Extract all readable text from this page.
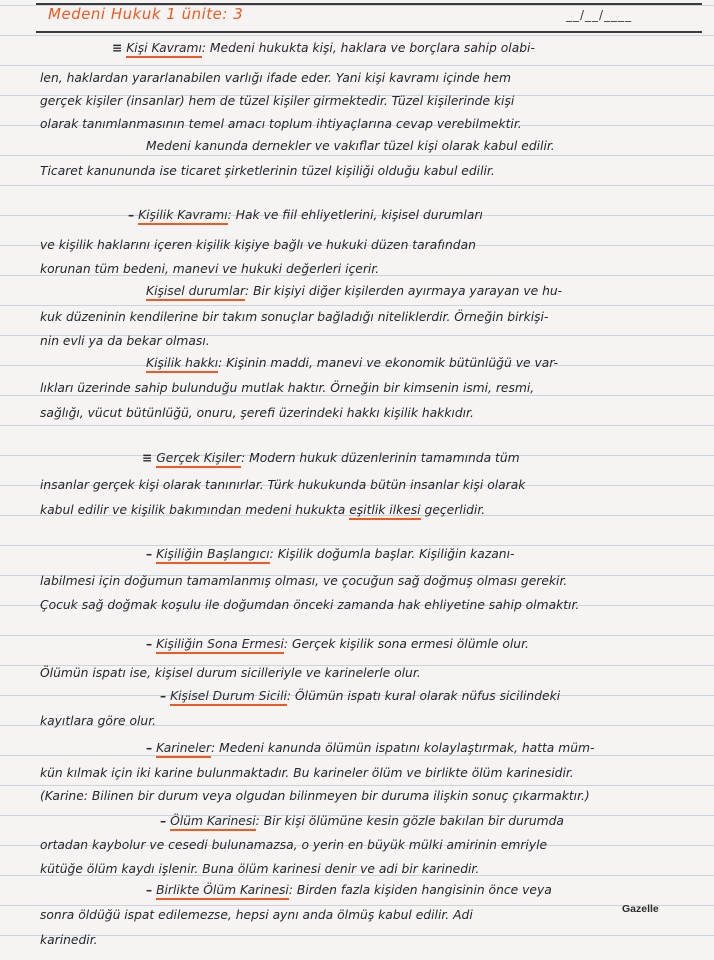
Medeni Hukuk 1 ünite: 3	__/__/____
≡ Kişi Kavramı: Medeni hukukta kişi, haklara ve borçlara sahip olabi-
len, haklardan yararlanabilen varlığı ifade eder. Yani kişi kavramı içinde hem
gerçek kişiler (insanlar) hem de tüzel kişiler girmektedir. Tüzel kişilerinde kişi
olarak tanımlanmasının temel amacı toplum ihtiyaçlarına cevap verebilmektir.
Medeni kanunda dernekler ve vakıflar tüzel kişi olarak kabul edilir.
Ticaret kanununda ise ticaret şirketlerinin tüzel kişiliği olduğu kabul edilir.
– Kişilik Kavramı: Hak ve fiil ehliyetlerini, kişisel durumları
ve kişilik haklarını içeren kişilik kişiye bağlı ve hukuki düzen tarafından
korunan tüm bedeni, manevi ve hukuki değerleri içerir.
Kişisel durumlar: Bir kişiyi diğer kişilerden ayırmaya yarayan ve hu-
kuk düzeninin kendilerine bir takım sonuçlar bağladığı niteliklerdir. Örneğin birkişi-
nin evli ya da bekar olması.
Kişilik hakkı: Kişinin maddi, manevi ve ekonomik bütünlüğü ve var-
lıkları üzerinde sahip bulunduğu mutlak haktır. Örneğin bir kimsenin ismi, resmi,
sağlığı, vücut bütünlüğü, onuru, şerefi üzerindeki hakkı kişilik hakkıdır.
≡ Gerçek Kişiler: Modern hukuk düzenlerinin tamamında tüm
insanlar gerçek kişi olarak tanınırlar. Türk hukukunda bütün insanlar kişi olarak
kabul edilir ve kişilik bakımından medeni hukukta eşitlik ilkesi geçerlidir.
– Kişiliğin Başlangıcı: Kişilik doğumla başlar. Kişiliğin kazanı-
labilmesi için doğumun tamamlanmış olması, ve çocuğun sağ doğmuş olması gerekir.
Çocuk sağ doğmak koşulu ile doğumdan önceki zamanda hak ehliyetine sahip olmaktır.
– Kişiliğin Sona Ermesi: Gerçek kişilik sona ermesi ölümle olur.
Ölümün ispatı ise, kişisel durum sicilleriyle ve karinelerle olur.
– Kişisel Durum Sicili: Ölümün ispatı kural olarak nüfus sicilindeki
kayıtlara göre olur.
– Karineler: Medeni kanunda ölümün ispatını kolaylaştırmak, hatta müm-
kün kılmak için iki karine bulunmaktadır. Bu karineler ölüm ve birlikte ölüm karinesidir.
(Karine: Bilinen bir durum veya olgudan bilinmeyen bir duruma ilişkin sonuç çıkarmaktır.)
– Ölüm Karinesi: Bir kişi ölümüne kesin gözle bakılan bir durumda
ortadan kaybolur ve cesedi bulunamazsa, o yerin en büyük mülki amirinin emriyle
kütüğe ölüm kaydı işlenir. Buna ölüm karinesi denir ve adi bir karinedir.
– Birlikte Ölüm Karinesi: Birden fazla kişiden hangisinin önce veya
sonra öldüğü ispat edilemezse, hepsi aynı anda ölmüş kabul edilir. Adi
karinedir.
Gazelle
